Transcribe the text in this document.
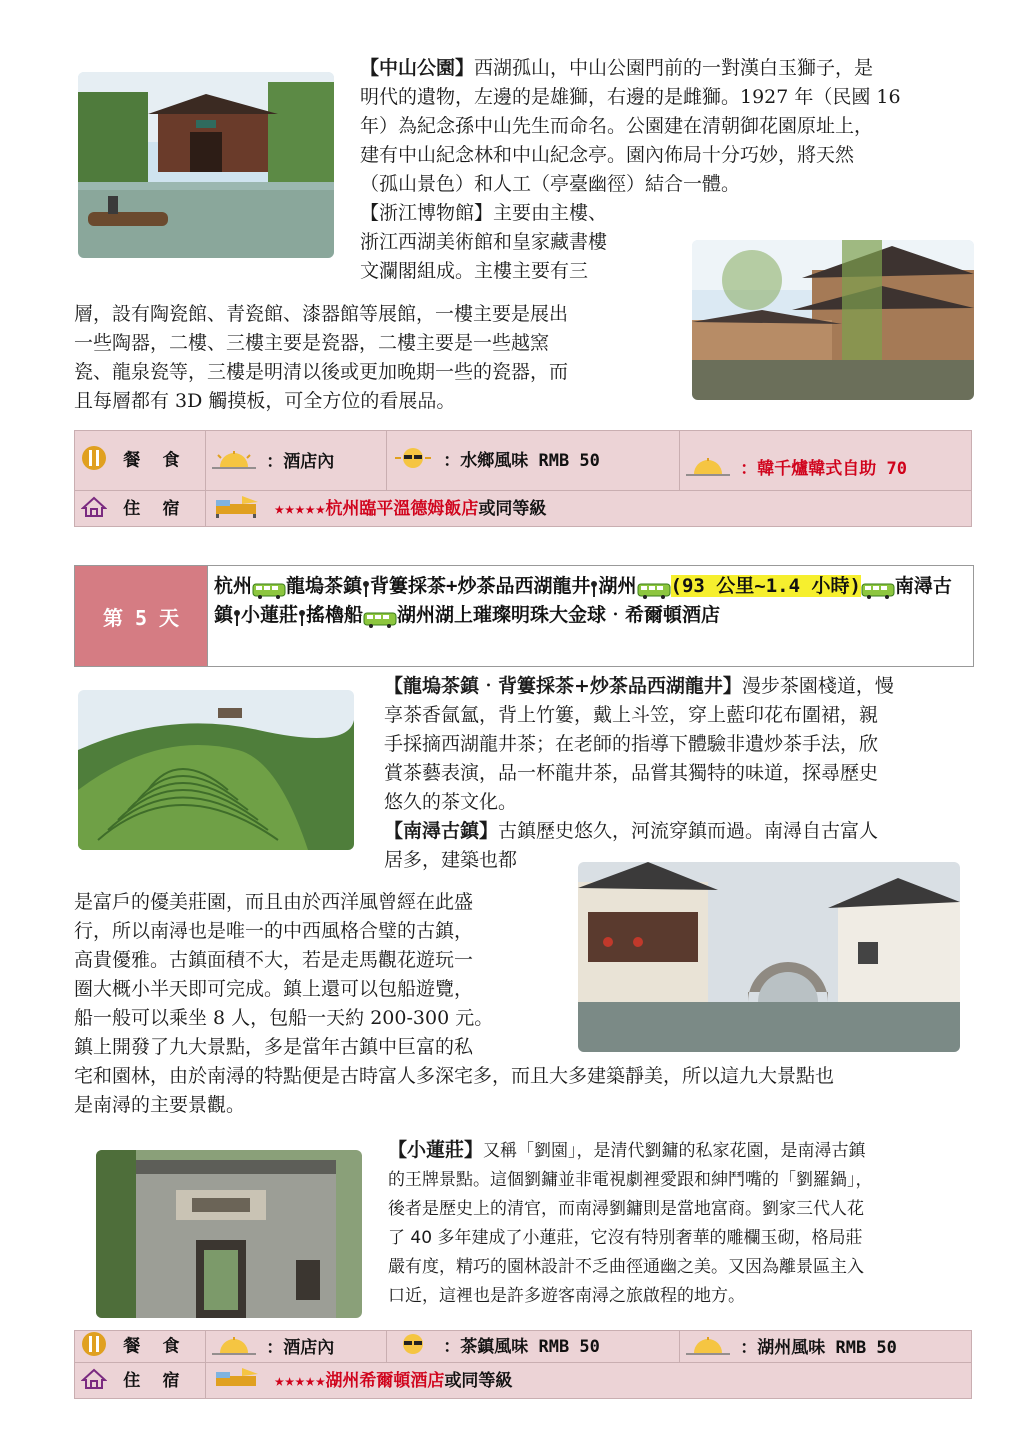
【中山公園】西湖孤山，中山公園門前的一對漢白玉獅子，是
明代的遺物，左邊的是雄獅，右邊的是雌獅。1927 年（民國 16
年）為紀念孫中山先生而命名。公園建在清朝御花園原址上，
建有中山紀念林和中山紀念亭。園內佈局十分巧妙，將天然
（孤山景色）和人工（亭臺幽徑）結合一體。
【浙江博物館】主要由主樓、
浙江西湖美術館和皇家藏書樓
文瀾閣組成。主樓主要有三
層，設有陶瓷館、青瓷館、漆器館等展館，一樓主要是展出
一些陶器，二樓、三樓主要是瓷器，二樓主要是一些越窯
瓷、龍泉瓷等，三樓是明清以後或更加晚期一些的瓷器，而
且每層都有 3D 觸摸板，可全方位的看展品。
餐 食	：酒店內	：水鄉風味 RMB 50	：韓千爐韓式自助 70
住 宿	★★★★★杭州臨平溫德姆飯店或同等級		
第 5 天
杭州 龍塢茶鎮 背簍採茶+炒茶品西湖龍井 湖州 (93 公里~1.4 小時) 南潯古鎮 小蓮莊 搖櫓船 湖州湖上璀璨明珠大金球‧希爾頓酒店
【龍塢茶鎮‧背簍採茶+炒茶品西湖龍井】漫步茶園棧道，慢
享茶香氤氳，背上竹簍，戴上斗笠，穿上藍印花布圍裙，親
手採摘西湖龍井茶；在老師的指導下體驗非遺炒茶手法，欣
賞茶藝表演，品一杯龍井茶，品嘗其獨特的味道，探尋歷史
悠久的茶文化。
【南潯古鎮】古鎮歷史悠久，河流穿鎮而過。南潯自古富人
居多，建築也都
是富戶的優美莊園，而且由於西洋風曾經在此盛
行，所以南潯也是唯一的中西風格合璧的古鎮，
高貴優雅。古鎮面積不大，若是走馬觀花遊玩一
圈大概小半天即可完成。鎮上還可以包船遊覽，
船一般可以乘坐 8 人，包船一天約 200-300 元。
鎮上開發了九大景點，多是當年古鎮中巨富的私
宅和園林，由於南潯的特點便是古時富人多深宅多，而且大多建築靜美，所以這九大景點也
是南潯的主要景觀。
【小蓮莊】又稱「劉園」，是清代劉鏞的私家花園，是南潯古鎮
的王牌景點。這個劉鏞並非電視劇裡愛跟和紳鬥嘴的「劉羅鍋」，
後者是歷史上的清官，而南潯劉鏞則是當地富商。劉家三代人花
了 40 多年建成了小蓮莊，它沒有特別奢華的雕欄玉砌，格局莊
嚴有度，精巧的園林設計不乏曲徑通幽之美。又因為離景區主入
口近，這裡也是許多遊客南潯之旅啟程的地方。
餐 食	：酒店內	：茶鎮風味 RMB 50	：湖州風味 RMB 50
住 宿	★★★★★湖州希爾頓酒店或同等級		
